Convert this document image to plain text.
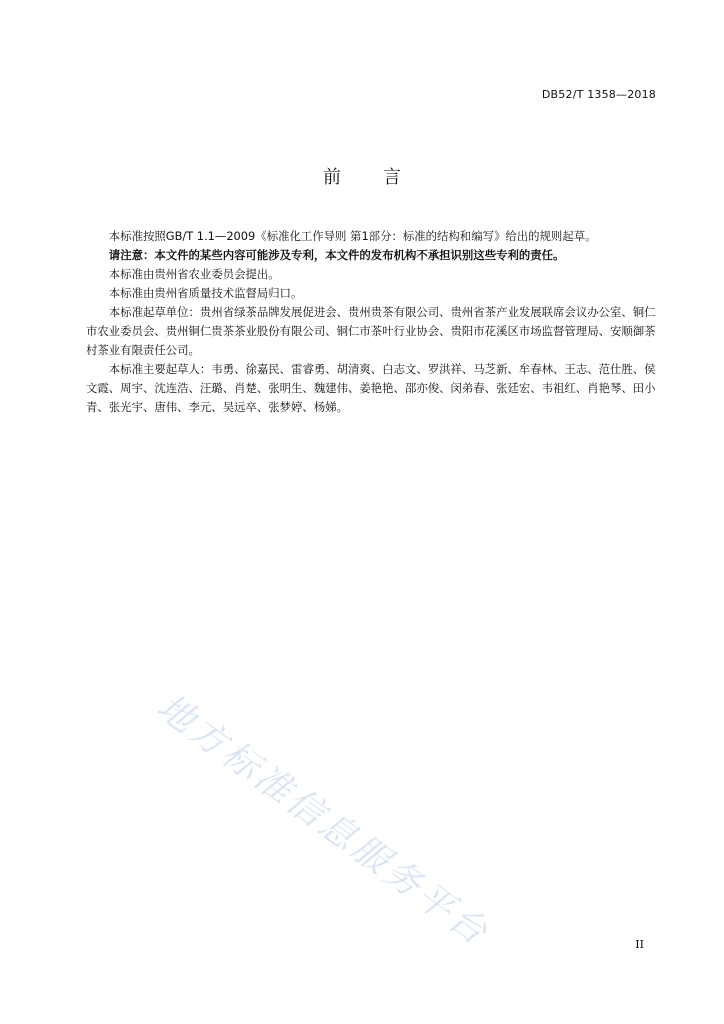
DB52/T 1358—2018
前 言

本标准按照GB/T 1.1—2009《标准化工作导则 第1部分：标准的结构和编写》给出的规则起草。

请注意：本文件的某些内容可能涉及专利，本文件的发布机构不承担识别这些专利的责任。

本标准由贵州省农业委员会提出。

本标准由贵州省质量技术监督局归口。

本标准起草单位：贵州省绿茶品牌发展促进会、贵州贵茶有限公司、贵州省茶产业发展联席会议办公室、铜仁市农业委员会、贵州铜仁贵茶茶业股份有限公司、铜仁市茶叶行业协会、贵阳市花溪区市场监督管理局、安顺御茶村茶业有限责任公司。

本标准主要起草人：韦勇、徐嘉民、雷睿勇、胡清爽、白志文、罗洪祥、马芝新、牟春林、王志、范仕胜、侯文霞、周宇、沈连浩、汪璐、肖楚、张明生、魏建伟、姜艳艳、邵亦俊、闵弟春、张廷宏、韦祖红、肖艳琴、田小青、张光宇、唐伟、李元、吴远卒、张梦婷、杨娣。

地方标准信息服务平台	II
